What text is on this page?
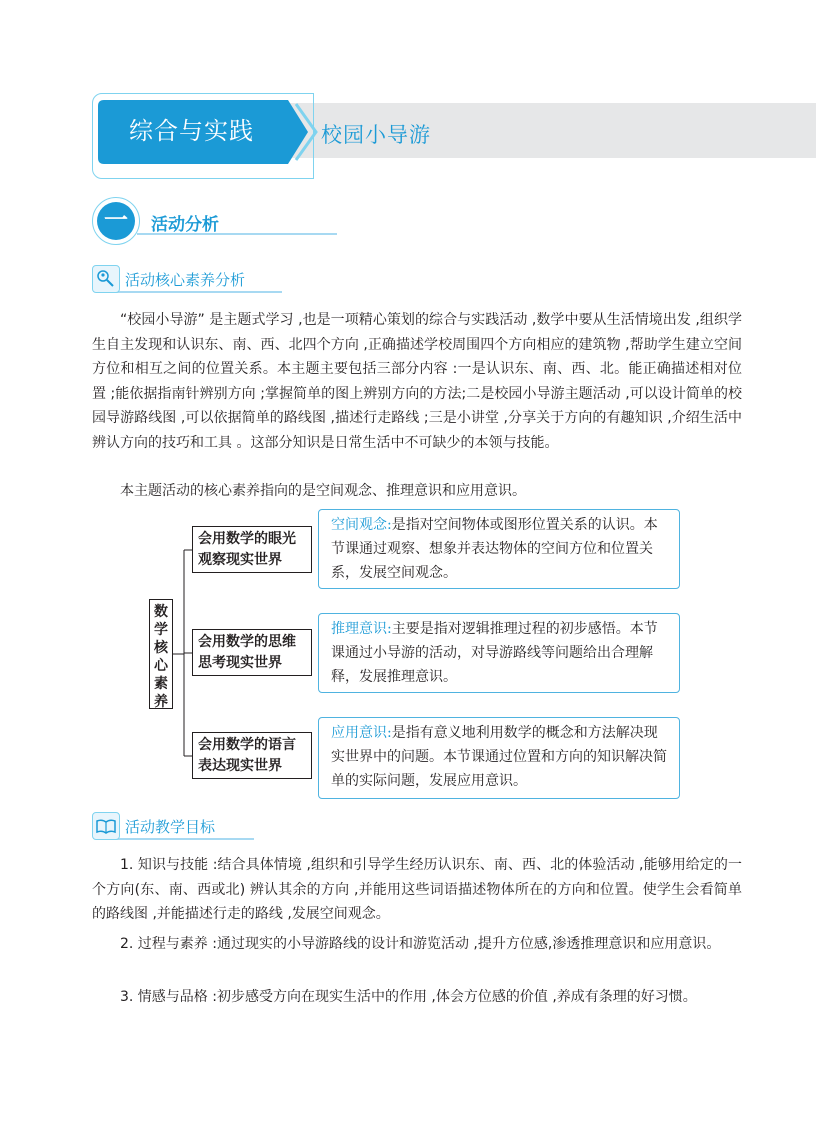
综合与实践	校园小导游
一	活动分析
活动核心素养分析
“校园小导游” 是主题式学习 ,也是一项精心策划的综合与实践活动 ,数学中要从生活情境出发 ,组织学生自主发现和认识东、南、西、北四个方向 ,正确描述学校周围四个方向相应的建筑物 ,帮助学生建立空间方位和相互之间的位置关系。本主题主要包括三部分内容 :一是认识东、南、西、北。能正确描述相对位置 ;能依据指南针辨别方向 ;掌握简单的图上辨别方向的方法;二是校园小导游主题活动 ,可以设计简单的校园导游路线图 ,可以依据简单的路线图 ,描述行走路线 ;三是小讲堂 ,分享关于方向的有趣知识 ,介绍生活中辨认方向的技巧和工具 。这部分知识是日常生活中不可缺少的本领与技能。
本主题活动的核心素养指向的是空间观念、推理意识和应用意识。
数
学
核
心
素
养
会用数学的眼光观察现实世界
会用数学的思维思考现实世界
会用数学的语言表达现实世界
空间观念:是指对空间物体或图形位置关系的认识。本节课通过观察、想象并表达物体的空间方位和位置关系，发展空间观念。
推理意识:主要是指对逻辑推理过程的初步感悟。本节课通过小导游的活动，对导游路线等问题给出合理解释，发展推理意识。
应用意识:是指有意义地利用数学的概念和方法解决现实世界中的问题。本节课通过位置和方向的知识解决简单的实际问题，发展应用意识。
活动教学目标
1. 知识与技能 :结合具体情境 ,组织和引导学生经历认识东、南、西、北的体验活动 ,能够用给定的一个方向(东、南、西或北) 辨认其余的方向 ,并能用这些词语描述物体所在的方向和位置。使学生会看简单的路线图 ,并能描述行走的路线 ,发展空间观念。
2. 过程与素养 :通过现实的小导游路线的设计和游览活动 ,提升方位感,渗透推理意识和应用意识。
3. 情感与品格 :初步感受方向在现实生活中的作用 ,体会方位感的价值 ,养成有条理的好习惯。
